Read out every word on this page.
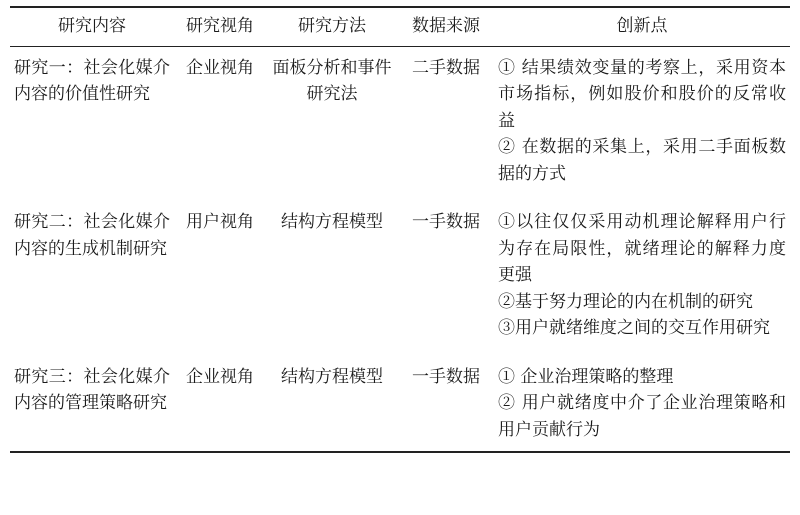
研究内容	研究视角	研究方法	数据来源	创新点
研究一：社会化媒介内容的价值性研究	企业视角	面板分析和事件研究法	二手数据	① 结果绩效变量的考察上，采用资本市场指标，例如股价和股价的反常收益
② 在数据的采集上，采用二手面板数据的方式

研究二：社会化媒介内容的生成机制研究	用户视角	结构方程模型	一手数据	①以往仅仅采用动机理论解释用户行为存在局限性，就绪理论的解释力度更强
②基于努力理论的内在机制的研究
③用户就绪维度之间的交互作用研究

研究三：社会化媒介内容的管理策略研究	企业视角	结构方程模型	一手数据	① 企业治理策略的整理
② 用户就绪度中介了企业治理策略和用户贡献行为
